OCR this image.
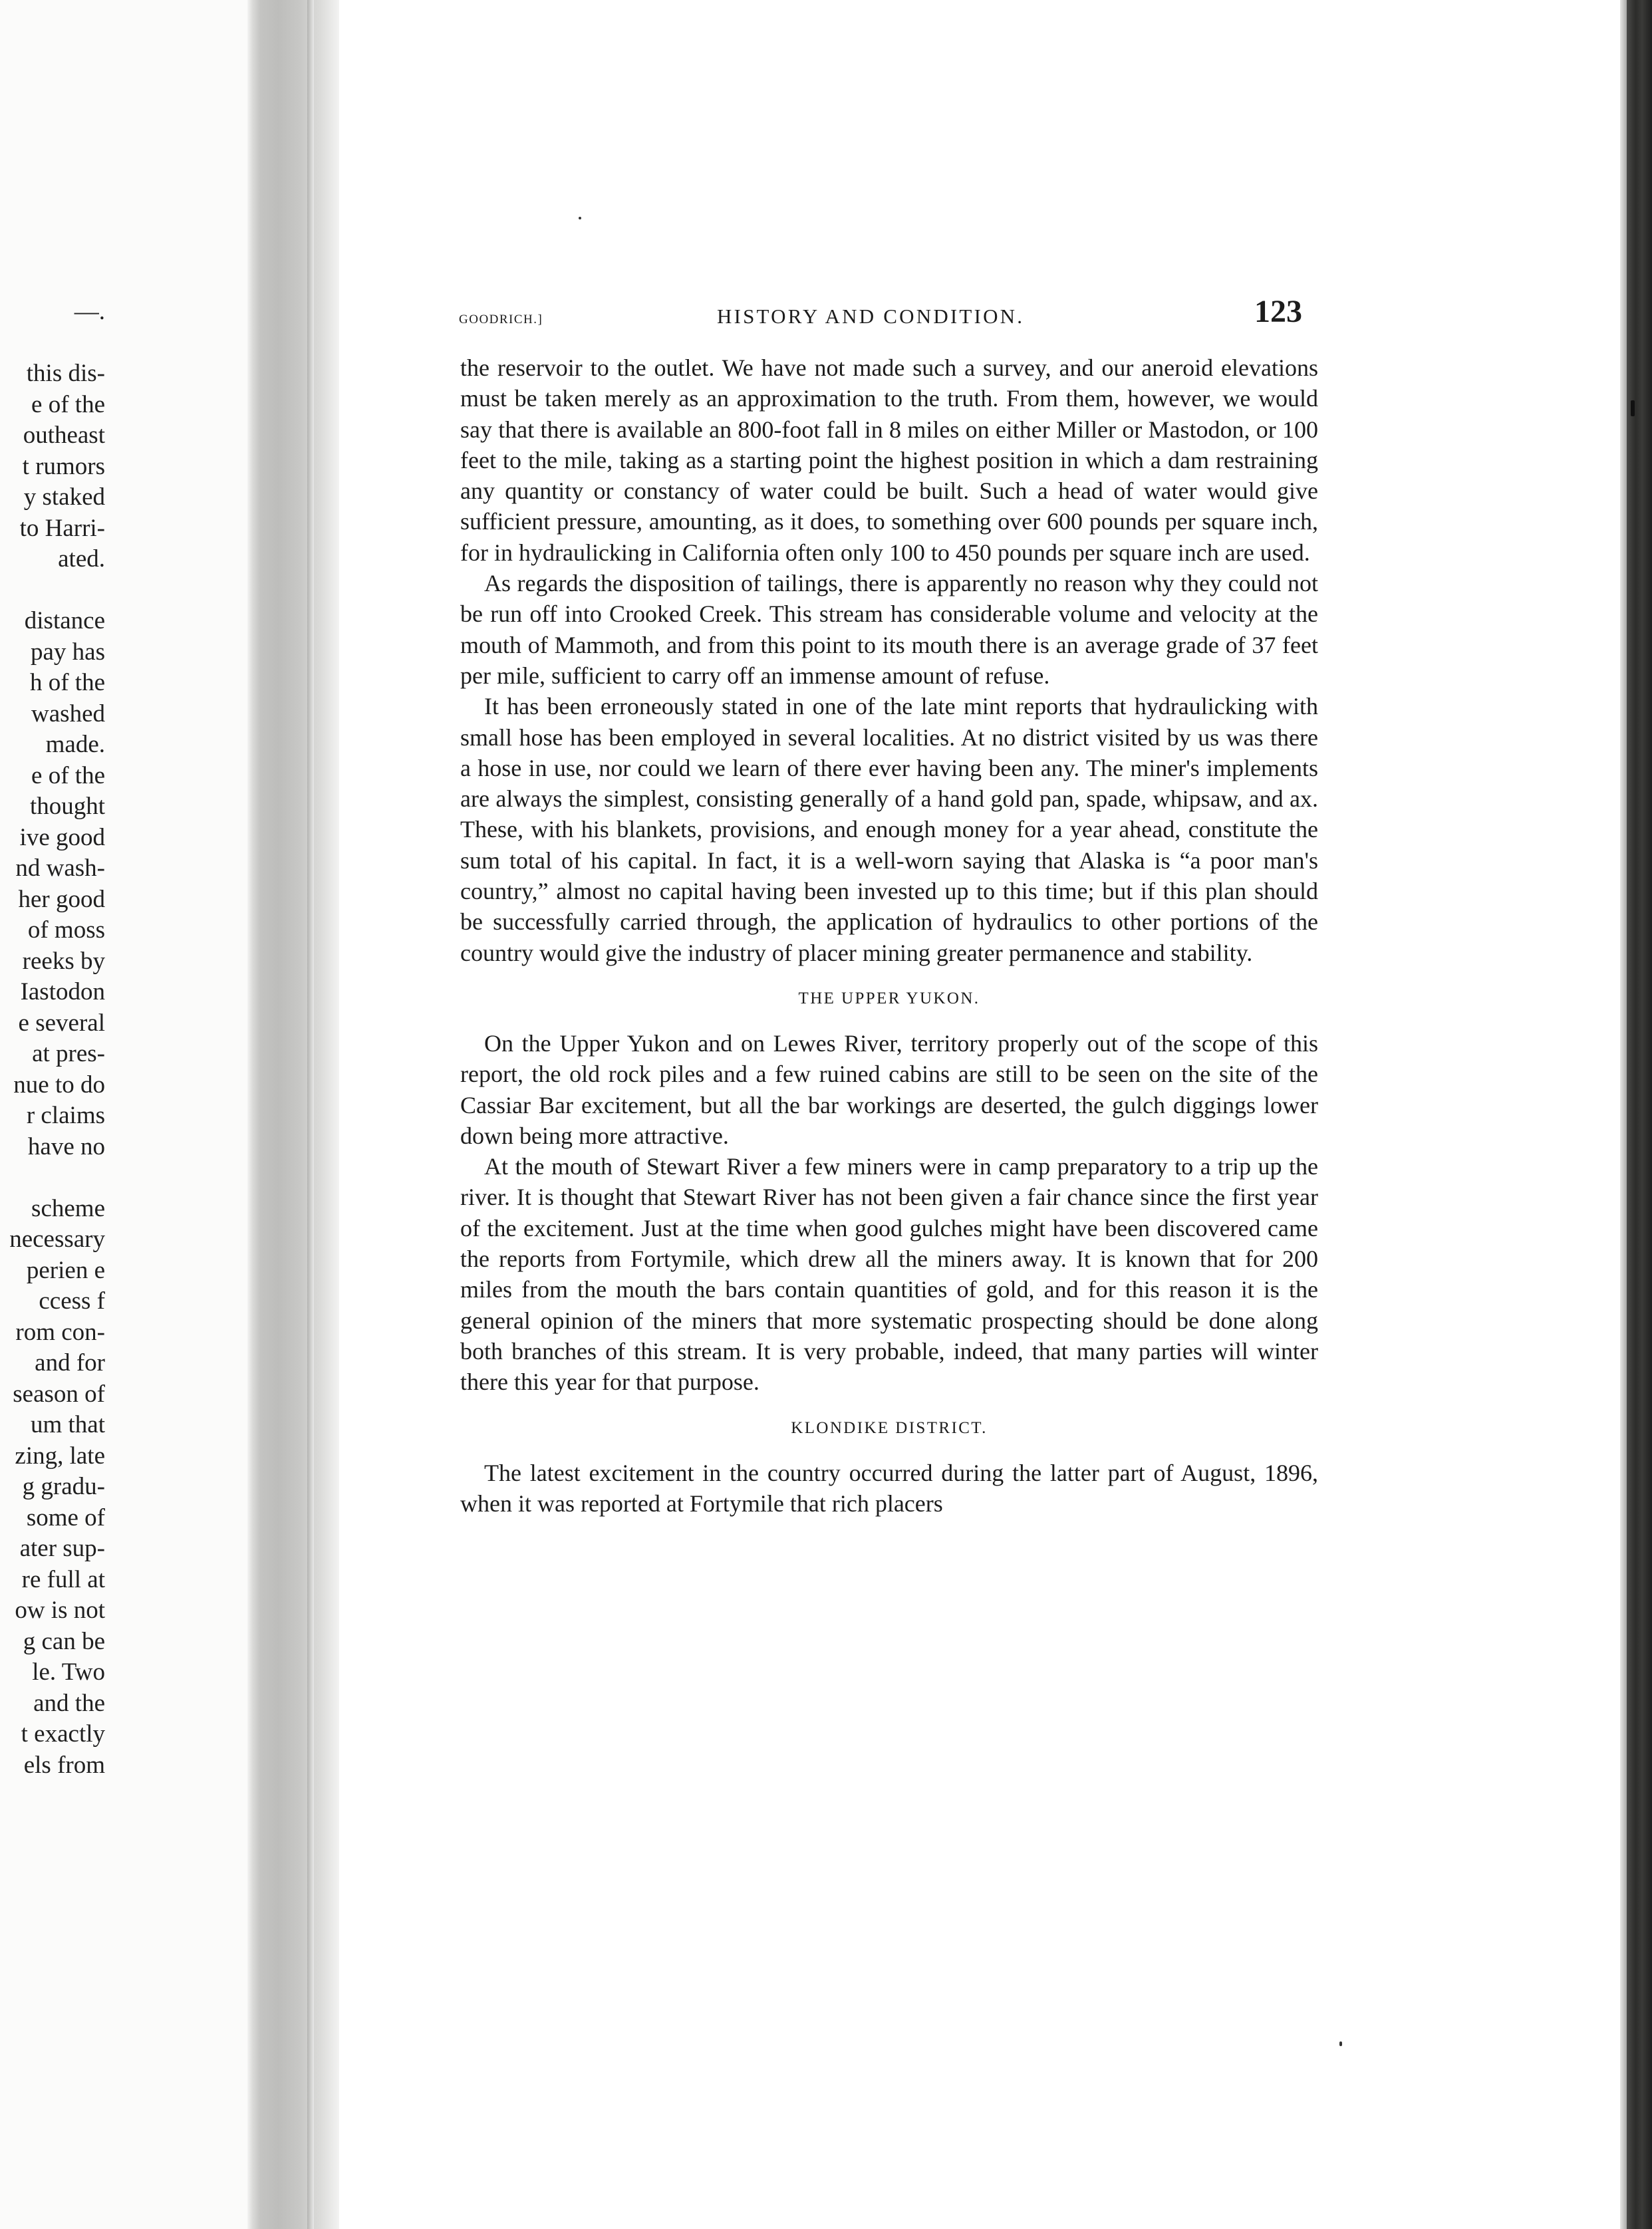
—.
this dis-
e of the
outheast
t rumors
y staked
to Harri-
ated.
distance
pay has
h of the
washed
made.
e of the
thought
ive good
nd wash-
her good
of moss
reeks by
Iastodon
e several
at pres-
nue to do
r claims
have no
scheme
necessary
perien e
ccess f
rom con-
and for
season of
um that
zing, late
g gradu-
some of
ater sup-
re full at
ow is not
g can be
le. Two
and the
t exactly
els from
GOODRICH.]	HISTORY AND CONDITION.	123

the reservoir to the outlet. We have not made such a survey, and our aneroid elevations must be taken merely as an approximation to the truth. From them, however, we would say that there is available an 800-foot fall in 8 miles on either Miller or Mastodon, or 100 feet to the mile, taking as a starting point the highest position in which a dam restraining any quantity or constancy of water could be built. Such a head of water would give sufficient pressure, amounting, as it does, to something over 600 pounds per square inch, for in hydraulicking in California often only 100 to 450 pounds per square inch are used.

As regards the disposition of tailings, there is apparently no reason why they could not be run off into Crooked Creek. This stream has considerable volume and velocity at the mouth of Mammoth, and from this point to its mouth there is an average grade of 37 feet per mile, sufficient to carry off an immense amount of refuse.

It has been erroneously stated in one of the late mint reports that hydraulicking with small hose has been employed in several localities. At no district visited by us was there a hose in use, nor could we learn of there ever having been any. The miner's implements are always the simplest, consisting generally of a hand gold pan, spade, whipsaw, and ax. These, with his blankets, provisions, and enough money for a year ahead, constitute the sum total of his capital. In fact, it is a well-worn saying that Alaska is “a poor man's country,” almost no capital having been invested up to this time; but if this plan should be successfully carried through, the application of hydraulics to other portions of the country would give the industry of placer mining greater permanence and stability.

THE UPPER YUKON.

On the Upper Yukon and on Lewes River, territory properly out of the scope of this report, the old rock piles and a few ruined cabins are still to be seen on the site of the Cassiar Bar excitement, but all the bar workings are deserted, the gulch diggings lower down being more attractive.

At the mouth of Stewart River a few miners were in camp preparatory to a trip up the river. It is thought that Stewart River has not been given a fair chance since the first year of the excitement. Just at the time when good gulches might have been discovered came the reports from Fortymile, which drew all the miners away. It is known that for 200 miles from the mouth the bars contain quantities of gold, and for this reason it is the general opinion of the miners that more systematic prospecting should be done along both branches of this stream. It is very probable, indeed, that many parties will winter there this year for that purpose.

KLONDIKE DISTRICT.

The latest excitement in the country occurred during the latter part of August, 1896, when it was reported at Fortymile that rich placers
